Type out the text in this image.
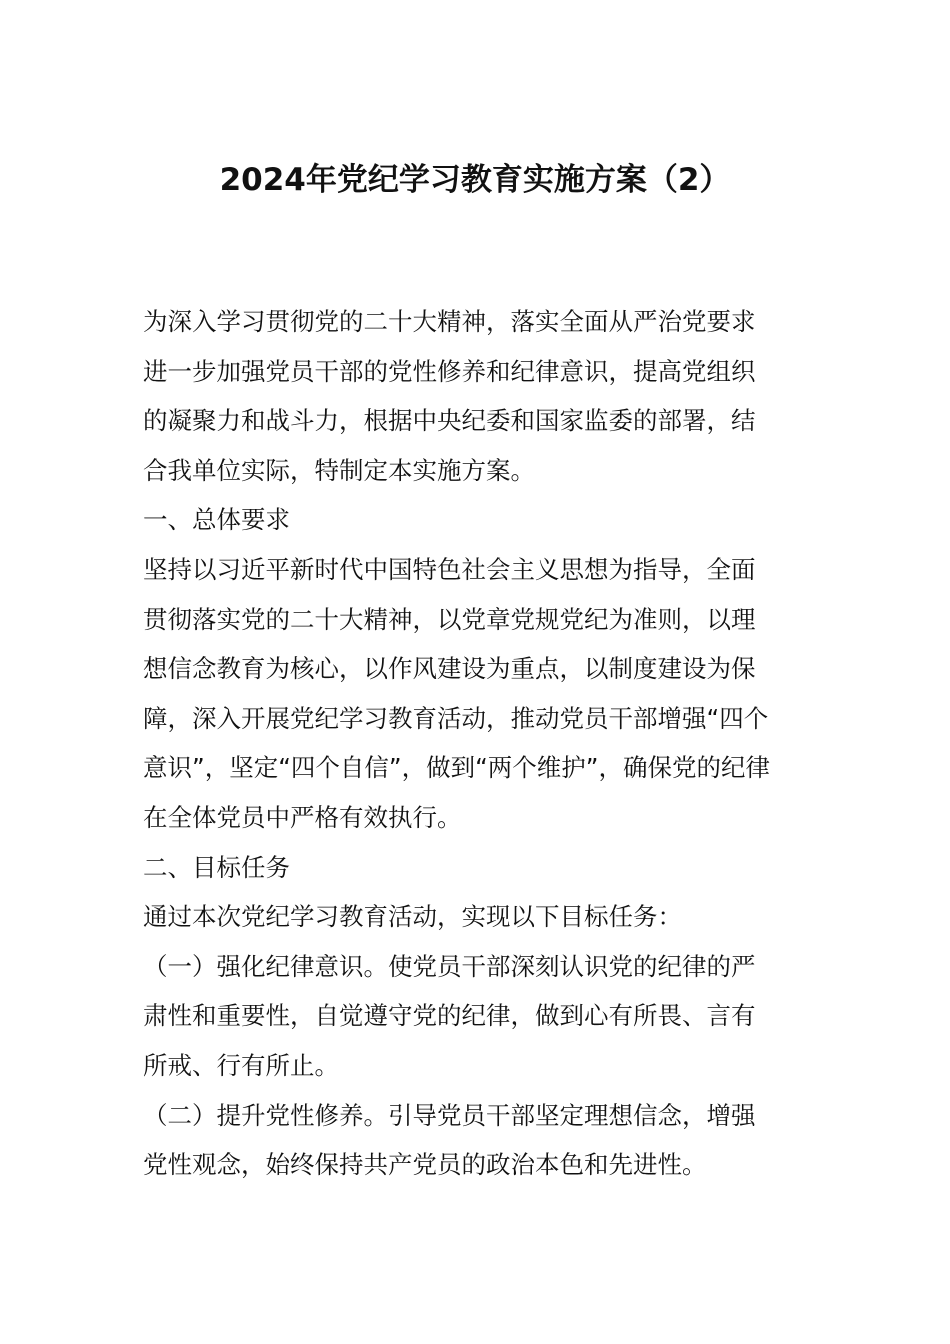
2024年党纪学习教育实施方案（2）
为深入学习贯彻党的二十大精神，落实全面从严治党要求
进一步加强党员干部的党性修养和纪律意识，提高党组织
的凝聚力和战斗力，根据中央纪委和国家监委的部署，结
合我单位实际，特制定本实施方案。
一、总体要求
坚持以习近平新时代中国特色社会主义思想为指导，全面
贯彻落实党的二十大精神，以党章党规党纪为准则，以理
想信念教育为核心，以作风建设为重点，以制度建设为保
障，深入开展党纪学习教育活动，推动党员干部增强“四个
意识”，坚定“四个自信”，做到“两个维护”，确保党的纪律
在全体党员中严格有效执行。
二、目标任务
通过本次党纪学习教育活动，实现以下目标任务：
（一）强化纪律意识。使党员干部深刻认识党的纪律的严
肃性和重要性，自觉遵守党的纪律，做到心有所畏、言有
所戒、行有所止。
（二）提升党性修养。引导党员干部坚定理想信念，增强
党性观念，始终保持共产党员的政治本色和先进性。
